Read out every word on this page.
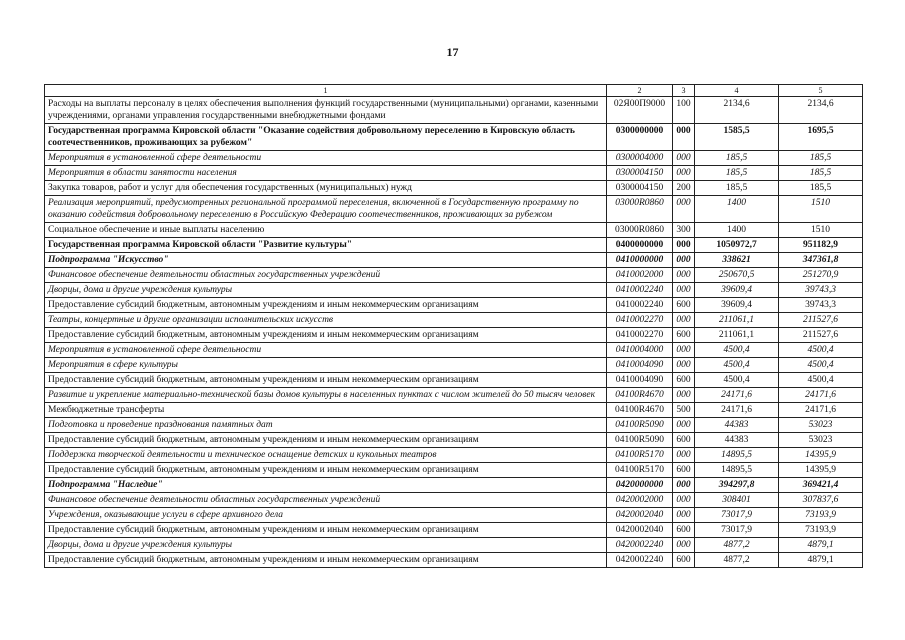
17
1	2	3	4	5
Расходы на выплаты персоналу в целях обеспечения выполнения функций государственными (муниципальными) органами, казенными учреждениями, органами управления государственными внебюджетными фондами	02Я00П9000	100	2134,6	2134,6
Государственная программа Кировской области "Оказание содействия добровольному переселению в Кировскую область соотечественников, проживающих за рубежом"	0300000000	000	1585,5	1695,5
Мероприятия в установленной сфере деятельности	0300004000	000	185,5	185,5
Мероприятия в области занятости населения	0300004150	000	185,5	185,5
Закупка товаров, работ и услуг для обеспечения государственных (муниципальных) нужд	0300004150	200	185,5	185,5
Реализация мероприятий, предусмотренных региональной программой переселения, включенной в Государственную программу по оказанию содействия добровольному переселению в Российскую Федерацию соотечественников, проживающих за рубежом	03000R0860	000	1400	1510
Социальное обеспечение и иные выплаты населению	03000R0860	300	1400	1510
Государственная программа Кировской области "Развитие культуры"	0400000000	000	1050972,7	951182,9
Подпрограмма "Искусство"	0410000000	000	338621	347361,8
Финансовое обеспечение деятельности областных государственных учреждений	0410002000	000	250670,5	251270,9
Дворцы, дома и другие учреждения культуры	0410002240	000	39609,4	39743,3
Предоставление субсидий бюджетным, автономным учреждениям и иным некоммерческим организациям	0410002240	600	39609,4	39743,3
Театры, концертные и другие организации исполнительских искусств	0410002270	000	211061,1	211527,6
Предоставление субсидий бюджетным, автономным учреждениям и иным некоммерческим организациям	0410002270	600	211061,1	211527,6
Мероприятия в установленной сфере деятельности	0410004000	000	4500,4	4500,4
Мероприятия в сфере культуры	0410004090	000	4500,4	4500,4
Предоставление субсидий бюджетным, автономным учреждениям и иным некоммерческим организациям	0410004090	600	4500,4	4500,4
Развитие и укрепление материально-технической базы домов культуры в населенных пунктах с числом жителей до 50 тысяч человек	04100R4670	000	24171,6	24171,6
Межбюджетные трансферты	04100R4670	500	24171,6	24171,6
Подготовка и проведение празднования памятных дат	04100R5090	000	44383	53023
Предоставление субсидий бюджетным, автономным учреждениям и иным некоммерческим организациям	04100R5090	600	44383	53023
Поддержка творческой деятельности и техническое оснащение детских и кукольных театров	04100R5170	000	14895,5	14395,9
Предоставление субсидий бюджетным, автономным учреждениям и иным некоммерческим организациям	04100R5170	600	14895,5	14395,9
Подпрограмма "Наследие"	0420000000	000	394297,8	369421,4
Финансовое обеспечение деятельности областных государственных учреждений	0420002000	000	308401	307837,6
Учреждения, оказывающие услуги в сфере архивного дела	0420002040	000	73017,9	73193,9
Предоставление субсидий бюджетным, автономным учреждениям и иным некоммерческим организациям	0420002040	600	73017,9	73193,9
Дворцы, дома и другие учреждения культуры	0420002240	000	4877,2	4879,1
Предоставление субсидий бюджетным, автономным учреждениям и иным некоммерческим организациям	0420002240	600	4877,2	4879,1
